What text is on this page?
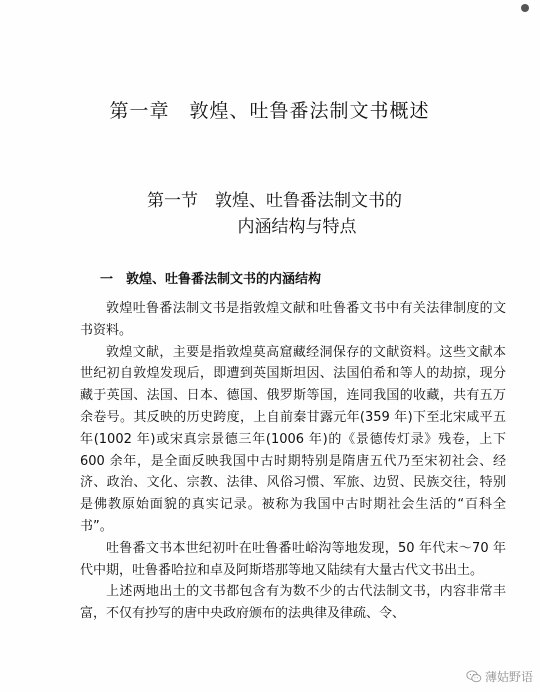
第一章　敦煌、吐鲁番法制文书概述
第一节　敦煌、吐鲁番法制文书的
内涵结构与特点
一　敦煌、吐鲁番法制文书的内涵结构

敦煌吐鲁番法制文书是指敦煌文献和吐鲁番文书中有关法律制度的文书资料。

敦煌文献，主要是指敦煌莫高窟藏经洞保存的文献资料。这些文献本世纪初自敦煌发现后，即遭到英国斯坦因、法国伯希和等人的劫掠，现分藏于英国、法国、日本、德国、俄罗斯等国，连同我国的收藏，共有五万余卷号。其反映的历史跨度，上自前秦甘露元年(359 年)下至北宋咸平五年(1002 年)或宋真宗景德三年(1006 年)的《景德传灯录》残卷，上下 600 余年，是全面反映我国中古时期特别是隋唐五代乃至宋初社会、经济、政治、文化、宗教、法律、风俗习惯、军旅、边贸、民族交往，特别是佛教原始面貌的真实记录。被称为我国中古时期社会生活的“百科全书”。

吐鲁番文书本世纪初叶在吐鲁番吐峪沟等地发现，50 年代末～70 年代中期，吐鲁番哈拉和卓及阿斯塔那等地又陆续有大量古代文书出土。

上述两地出土的文书都包含有为数不少的古代法制文书，内容非常丰富，不仅有抄写的唐中央政府颁布的法典律及律疏、令、

薄姑野语
